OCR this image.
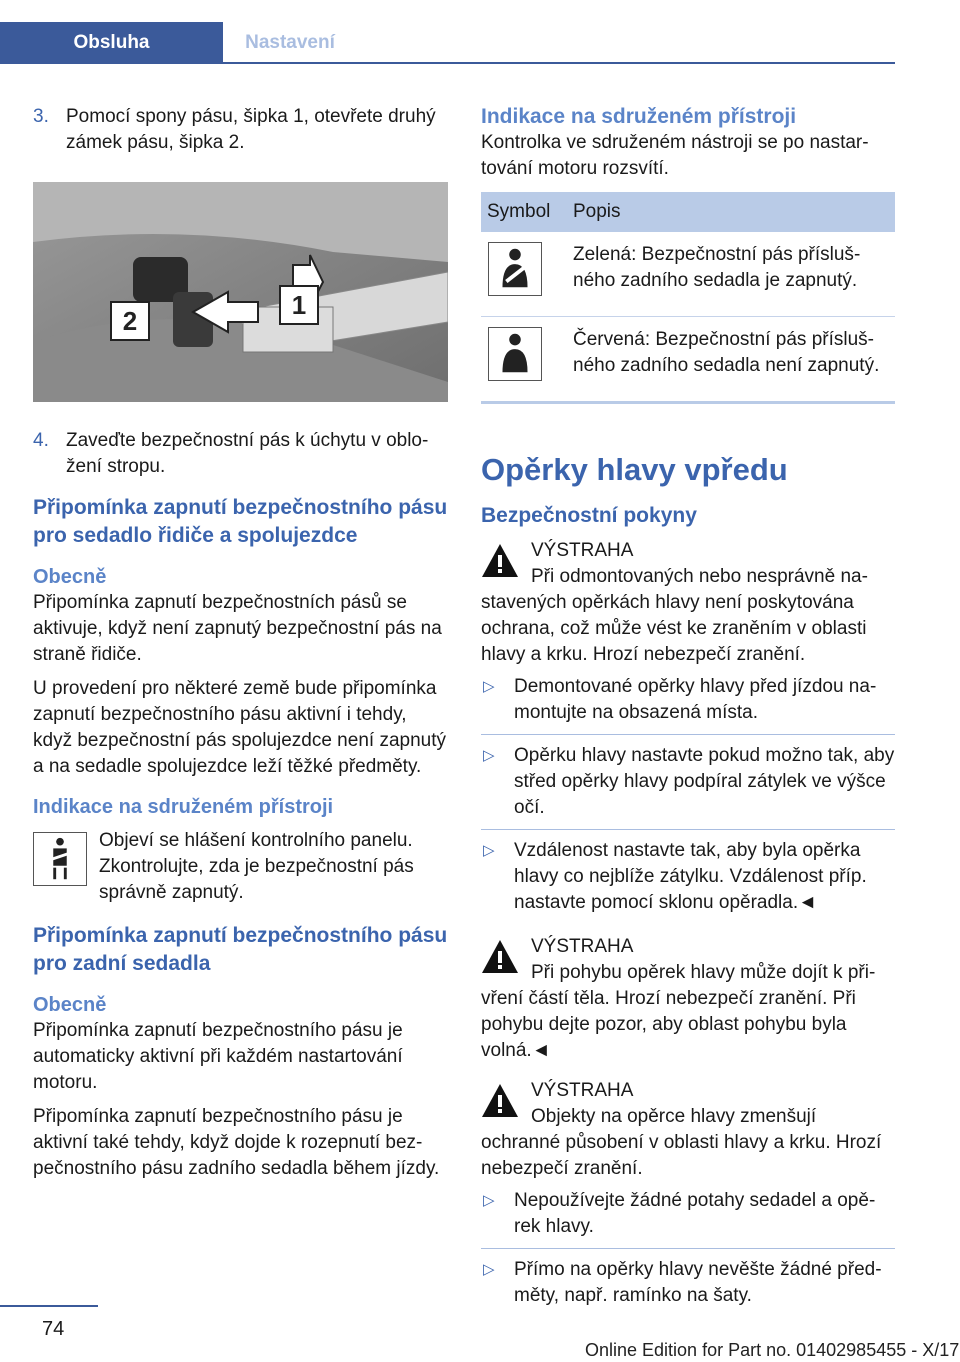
Obsluha	Nastavení
3. Pomocí spony pásu, šipka 1, otevřete druhý zámek pásu, šipka 2.

2
1
4. Zaveďte bezpečnostní pás k úchytu v obložení stropu.

Připomínka zapnutí bezpečnostního pásu pro sedadlo řidiče a spolujezdce

Obecně

Připomínka zapnutí bezpečnostních pásů se aktivuje, když není zapnutý bezpečnostní pás na straně řidiče.

U provedení pro některé země bude připomínka zapnutí bezpečnostního pásu aktivní i tehdy, když bezpečnostní pás spolujezdce není zapnutý a na sedadle spolujezdce leží těžké předměty.

Indikace na sdruženém přístroji

Objeví se hlášení kontrolního panelu. Zkontrolujte, zda je bezpečnostní pás správně zapnutý.

Připomínka zapnutí bezpečnostního pásu pro zadní sedadla

Obecně

Připomínka zapnutí bezpečnostního pásu je automaticky aktivní při každém nastartování motoru.

Připomínka zapnutí bezpečnostního pásu je aktivní také tehdy, když dojde k rozepnutí bezpečnostního pásu zadního sedadla během jízdy.

Indikace na sdruženém přístroji

Kontrolka ve sdruženém nástroji se po nastartování motoru rozsvítí.

Symbol	Popis
	Zelená: Bezpečnostní pás příslušného zadního sedadla je zapnutý.
	Červená: Bezpečnostní pás příslušného zadního sedadla není zapnutý.

Opěrky hlavy vpředu

Bezpečnostní pokyny

VÝSTRAHA

Při odmontovaných nebo nesprávně nastavených opěrkách hlavy není poskytována ochrana, což může vést ke zraněním v oblasti hlavy a krku. Hrozí nebezpečí zranění.

▷ Demontované opěrky hlavy před jízdou namontujte na obsazená místa.

▷ Opěrku hlavy nastavte pokud možno tak, aby střed opěrky hlavy podpíral zátylek ve výšce očí.

▷ Vzdálenost nastavte tak, aby byla opěrka hlavy co nejblíže zátylku. Vzdálenost příp. nastavte pomocí sklonu opěradla.◄

VÝSTRAHA

Při pohybu opěrek hlavy může dojít k přivření částí těla. Hrozí nebezpečí zranění. Při pohybu dejte pozor, aby oblast pohybu byla volná.◄

VÝSTRAHA

Objekty na opěrce hlavy zmenšují ochranné působení v oblasti hlavy a krku. Hrozí nebezpečí zranění.

▷ Nepoužívejte žádné potahy sedadel a opěrek hlavy.

▷ Přímo na opěrky hlavy nevěšte žádné předměty, např. ramínko na šaty.

74
Online Edition for Part no. 01402985455 - X/17
